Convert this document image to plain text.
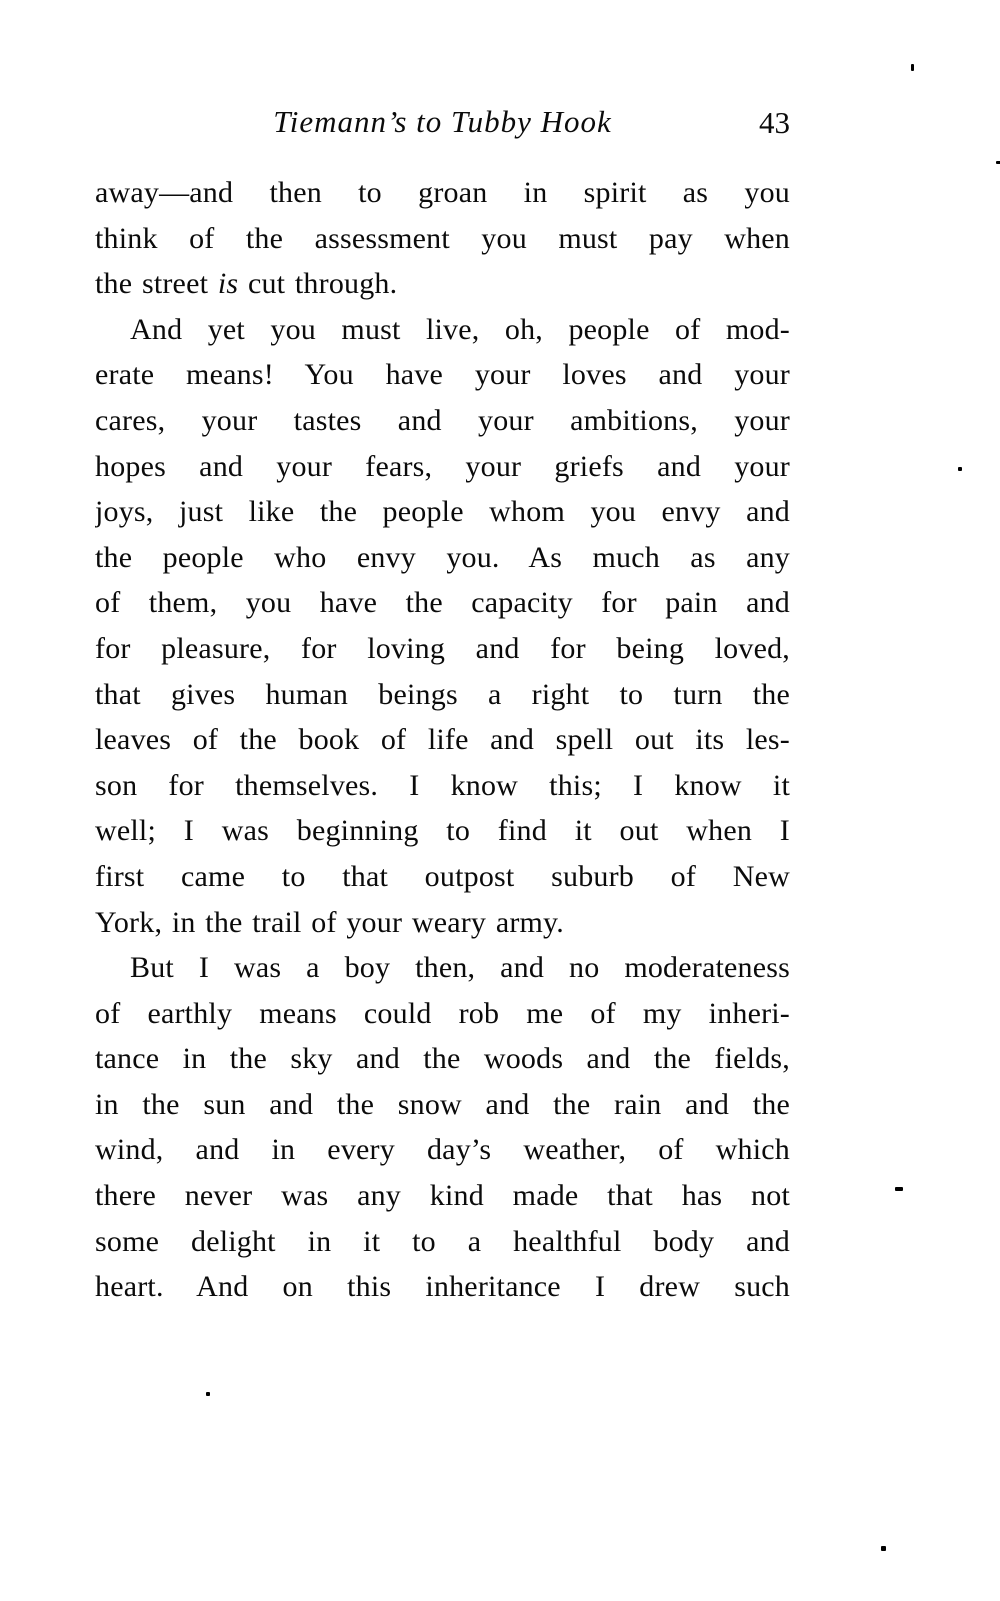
Tiemann’s to Tubby Hook	43
away—and then to groan in spirit as you
think of the assessment you must pay when
the street is cut through.
And yet you must live, oh, people of mod-
erate means! You have your loves and your
cares, your tastes and your ambitions, your
hopes and your fears, your griefs and your
joys, just like the people whom you envy and
the people who envy you. As much as any
of them, you have the capacity for pain and
for pleasure, for loving and for being loved,
that gives human beings a right to turn the
leaves of the book of life and spell out its les-
son for themselves. I know this; I know it
well; I was beginning to find it out when I
first came to that outpost suburb of New
York, in the trail of your weary army.
But I was a boy then, and no moderateness
of earthly means could rob me of my inheri-
tance in the sky and the woods and the fields,
in the sun and the snow and the rain and the
wind, and in every day’s weather, of which
there never was any kind made that has not
some delight in it to a healthful body and
heart. And on this inheritance I drew such
